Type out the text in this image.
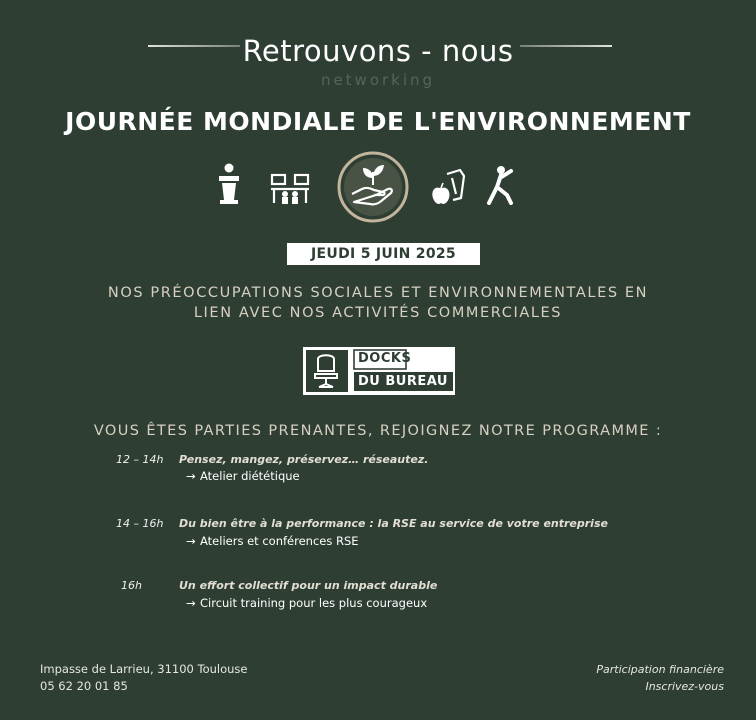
Retrouvons - nous
networking
JOURNÉE MONDIALE DE L'ENVIRONNEMENT
JEUDI 5 JUIN 2025
NOS PRÉOCCUPATIONS SOCIALES ET ENVIRONNEMENTALES EN
LIEN AVEC NOS ACTIVITÉS COMMERCIALES
DOCKS
DU BUREAU
VOUS ÊTES PARTIES PRENANTES, REJOIGNEZ NOTRE PROGRAMME :
12 – 14h Pensez, mangez, préservez… réseautez.
→ Atelier diététique
14 – 16h Du bien être à la performance : la RSE au service de votre entreprise
→ Ateliers et conférences RSE
16h	Un effort collectif pour un impact durable
→ Circuit training pour les plus courageux
Impasse de Larrieu, 31100 Toulouse
05 62 20 01 85
Participation financière
Inscrivez-vous
